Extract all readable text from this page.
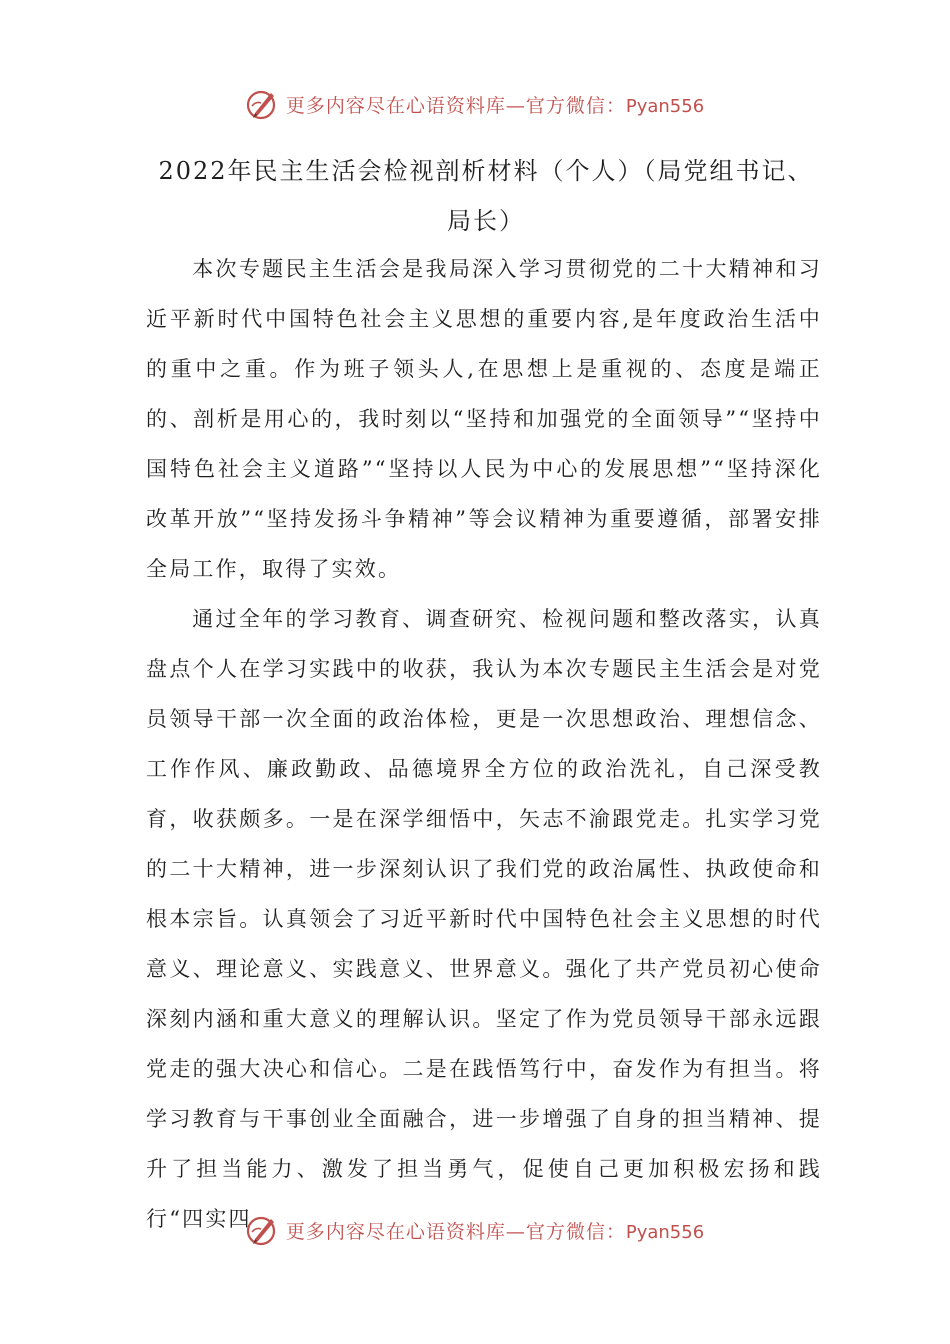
更多内容尽在心语资料库—官方微信：Pyan556
2022年民主生活会检视剖析材料（个人）（局党组书记、
局长）

本次专题民主生活会是我局深入学习贯彻党的二十大精神和习近平新时代中国特色社会主义思想的重要内容,是年度政治生活中的重中之重。作为班子领头人,在思想上是重视的、态度是端正的、剖析是用心的，我时刻以“坚持和加强党的全面领导”“坚持中国特色社会主义道路”“坚持以人民为中心的发展思想”“坚持深化改革开放”“坚持发扬斗争精神”等会议精神为重要遵循，部署安排全局工作，取得了实效。

通过全年的学习教育、调查研究、检视问题和整改落实，认真盘点个人在学习实践中的收获，我认为本次专题民主生活会是对党员领导干部一次全面的政治体检，更是一次思想政治、理想信念、工作作风、廉政勤政、品德境界全方位的政治洗礼，自己深受教育，收获颇多。一是在深学细悟中，矢志不渝跟党走。扎实学习党的二十大精神，进一步深刻认识了我们党的政治属性、执政使命和根本宗旨。认真领会了习近平新时代中国特色社会主义思想的时代意义、理论意义、实践意义、世界意义。强化了共产党员初心使命深刻内涵和重大意义的理解认识。坚定了作为党员领导干部永远跟党走的强大决心和信心。二是在践悟笃行中，奋发作为有担当。将学习教育与干事创业全面融合，进一步增强了自身的担当精神、提升了担当能力、激发了担当勇气，促使自己更加积极宏扬和践行“四实四

更多内容尽在心语资料库—官方微信：Pyan556
